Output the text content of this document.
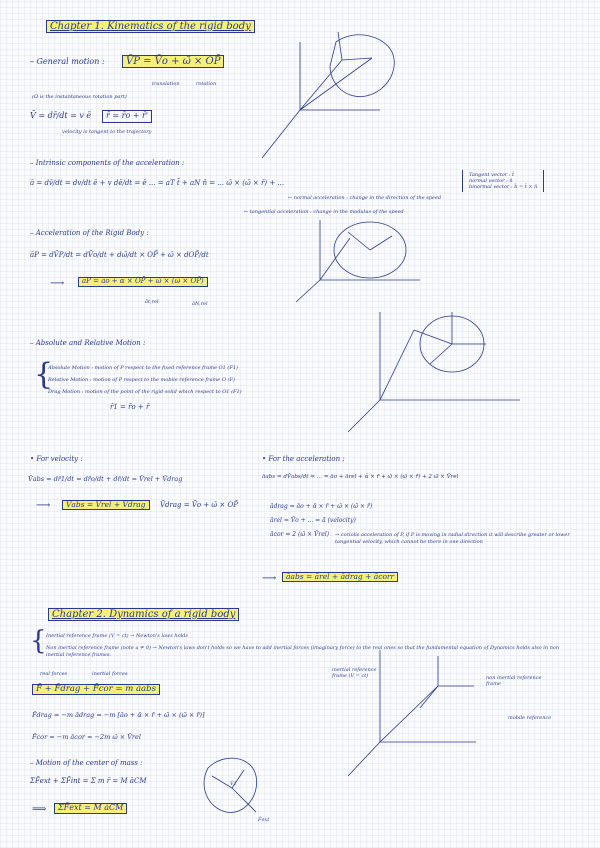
Chapter 1. Kinematics of the rigid body
– General motion :	V̄P = V̄o + ω̄ × OP̄
translation	rotation
(Ω is the instantaneous rotation part)
V̄ = dr̄/dt = v ē	r̄ = r̄o + r̄'
velocity is tangent to the trajectory
– Intrinsic components of the acceleration :
ā = dv̄/dt = dv/dt ē + v dē/dt = ē ... = aT t̄ + aN n̄ = ... ω̄ × (ω̄ × r̄) + ...
← normal acceleration : change in the direction of the speed
← tangential acceleration : change in the modulus of the speed
Tangent vector : t̄
normal vector : n̄
binormal vector : b̄ = t̄ × n̄
– Acceleration of the Rigid Body :
āP = dV̄P/dt = dV̄o/dt + dω̄/dt × OP̄ + ω̄ × dOP̄/dt
⟶	āP = āo + ᾱ × OP̄ + ω̄ × (ω̄ × OP̄)
āt,rel	āN,rel
– Absolute and Relative Motion :
{
Absolute Motion : motion of P respect to the fixed reference frame O1 (F1)
Relative Motion : motion of P respect to the mobile reference frame O (F)
Drag Motion : motion of the point of the rigid solid which respect to O1 (F1)
r̄1 = r̄o + r̄
• For velocity :
V̄abs = dr̄1/dt = dr̄o/dt + dr̄/dt = V̄rel + V̄drag
⟶	V̄abs = V̄rel + V̄drag	V̄drag = V̄o + ω̄ × OP̄
• For the acceleration :
āabs = dV̄abs/dt = ... = āo + ārel + ᾱ × r̄ + ω̄ × (ω̄ × r̄) + 2 ω̄ × V̄rel
ādrag = āo + ᾱ × r̄ + ω̄ × (ω̄ × r̄)
ārel = V̄o + ... = ā (velocity)
ācor = 2 (ω̄ × V̄rel) → coriolis acceleration of P, if P is moving in radial direction it will describe greater or lower tangential velocity, which cannot be there in one direction
⟶	āabs = ārel + ādrag + ācorr
Chapter 2. Dynamics of a rigid body
{ Inertial reference frame (V = ct) → Newton's laws holds
Non inertial reference frame (note a ≠ 0) → Newton's laws don't holds so we have to add inertial forces (imaginary force) to the real ones so that the fundamental equation of Dynamics holds also in non inertial reference frames.
real forces	inertial forces
F̄ + F̄drag + F̄cor = m āabs
F̄drag = −m ādrag = −m [āo + ᾱ × r̄ + ω̄ × (ω̄ × r̄)]
F̄cor = −m ācor = −2m ω̄ × V̄rel
– Motion of the center of mass :
ΣF̄ext + ΣF̄int = Σ m r̈ = M āCM
⟹	ΣF̄ext = M āCM
inertial reference frame (V = ct)	non inertial reference frame
mobile reference
F̄ext
V̄1
